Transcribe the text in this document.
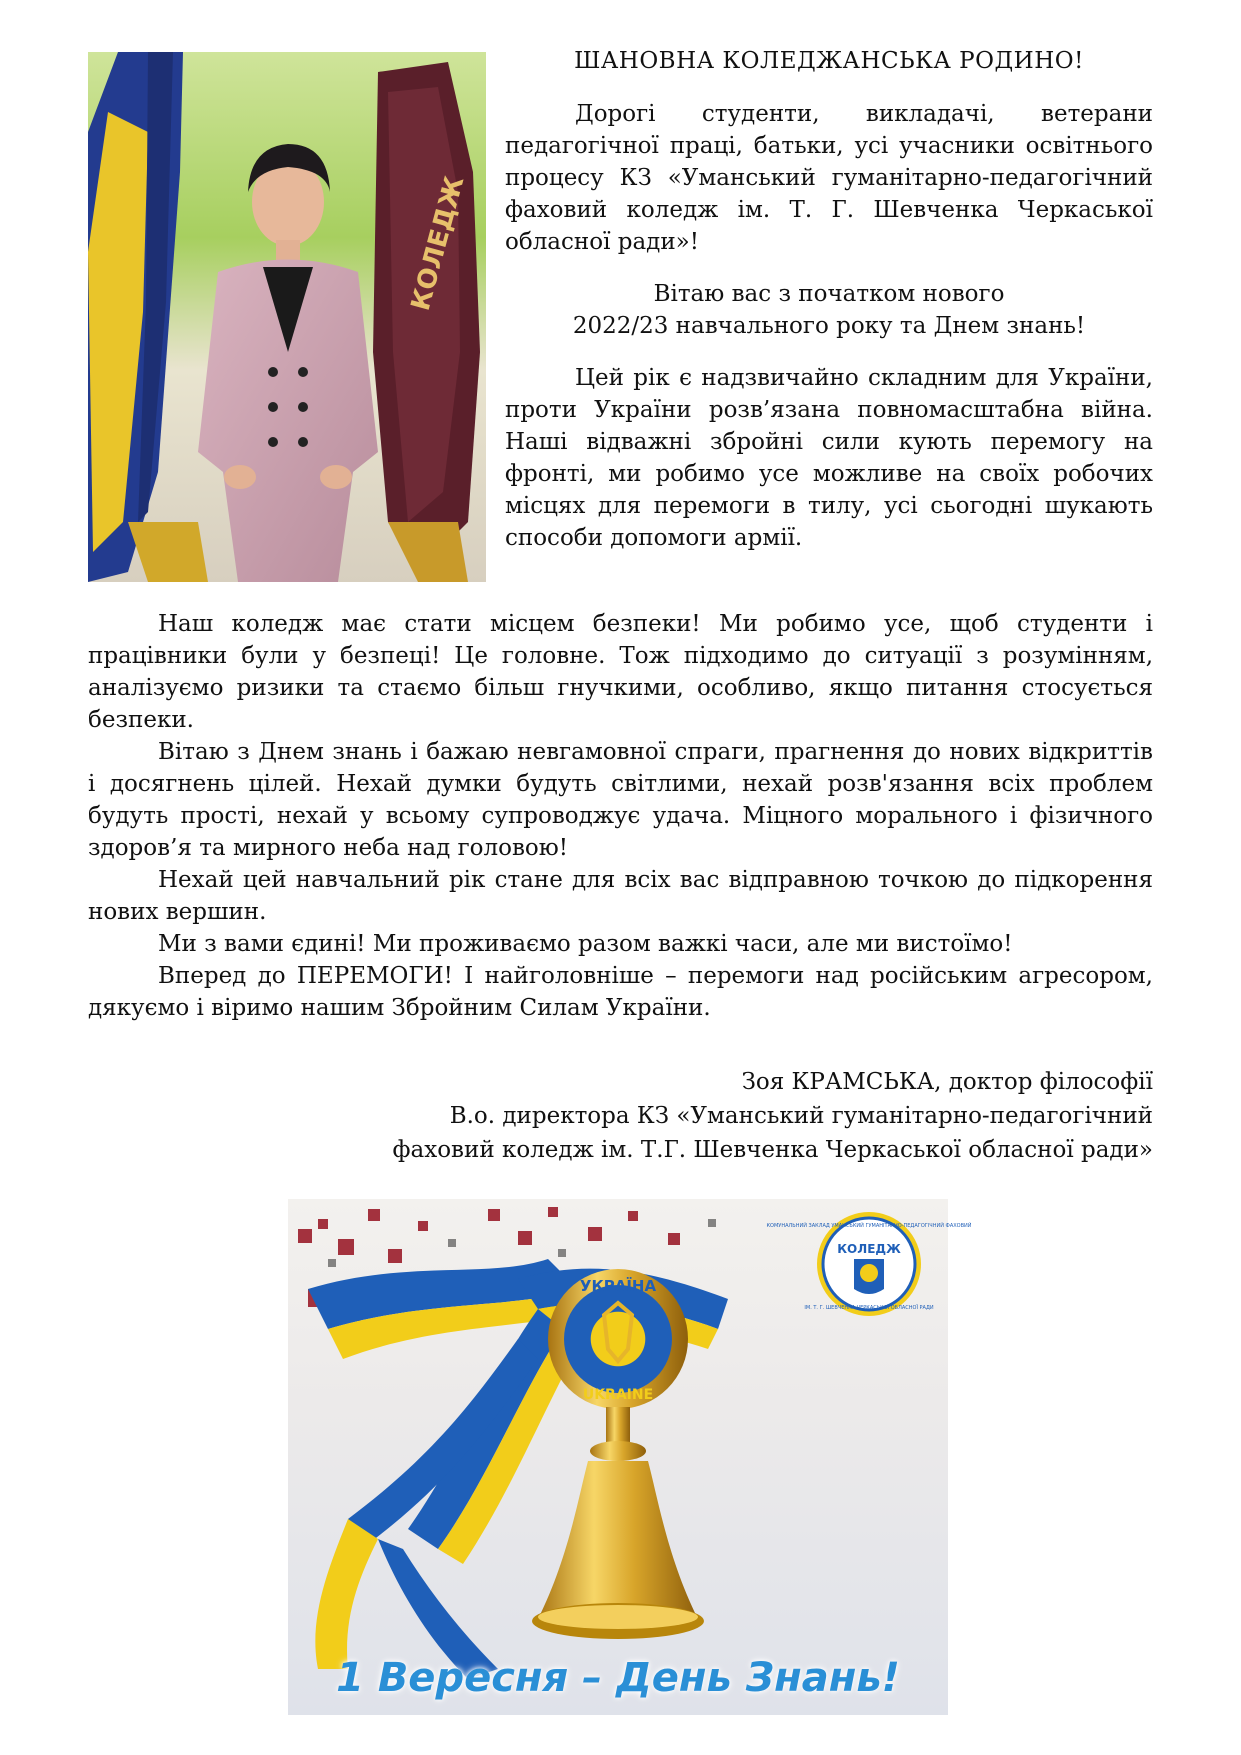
КОЛЕДЖ
ШАНОВНА КОЛЕДЖАНСЬКА РОДИНО!

Дорогі студенти, викладачі, ветерани педагогічної праці, батьки, усі учасники освітнього процесу КЗ «Уманський гуманітарно-педагогічний фаховий коледж ім. Т. Г. Шевченка Черкаської обласної ради»!

Вітаю вас з початком нового
2022/23 навчального року та Днем знань!

Цей рік є надзвичайно складним для України, проти України розв’язана повномасштабна війна. Наші відважні збройні сили кують перемогу на фронті, ми робимо усе можливе на своїх робочих місцях для перемоги в тилу, усі сьогодні шукають способи допомоги армії.

Наш коледж має стати місцем безпеки! Ми робимо усе, щоб студенти і працівники були у безпеці! Це головне. Тож підходимо до ситуації з розумінням, аналізуємо ризики та стаємо більш гнучкими, особливо, якщо питання стосується безпеки.

Вітаю з Днем знань і бажаю невгамовної спраги, прагнення до нових відкриттів і досягнень цілей. Нехай думки будуть світлими, нехай розв'язання всіх проблем будуть прості, нехай у всьому супроводжує удача. Міцного морального і фізичного здоров’я та мирного неба над головою!

Нехай цей навчальний рік стане для всіх вас відправною точкою до підкорення нових вершин.

Ми з вами єдині! Ми проживаємо разом важкі часи, але ми вистоїмо!

Вперед до ПЕРЕМОГИ! І найголовніше – перемоги над російським агресором, дякуємо і віримо нашим Збройним Силам України.

Зоя КРАМСЬКА, доктор філософії
В.о. директора КЗ «Уманський гуманітарно-педагогічний
фаховий коледж ім. Т.Г. Шевченка Черкаської обласної ради»
УКРАЇНА
UKRAINE
КОЛЕДЖ
КОМУНАЛЬНИЙ ЗАКЛАД УМАНСЬКИЙ ГУМАНІТАРНО-ПЕДАГОГІЧНИЙ ФАХОВИЙ
ІМ. Т. Г. ШЕВЧЕНКА ЧЕРКАСЬКОЇ ОБЛАСНОЇ РАДИ
1 Вересня – День Знань!
